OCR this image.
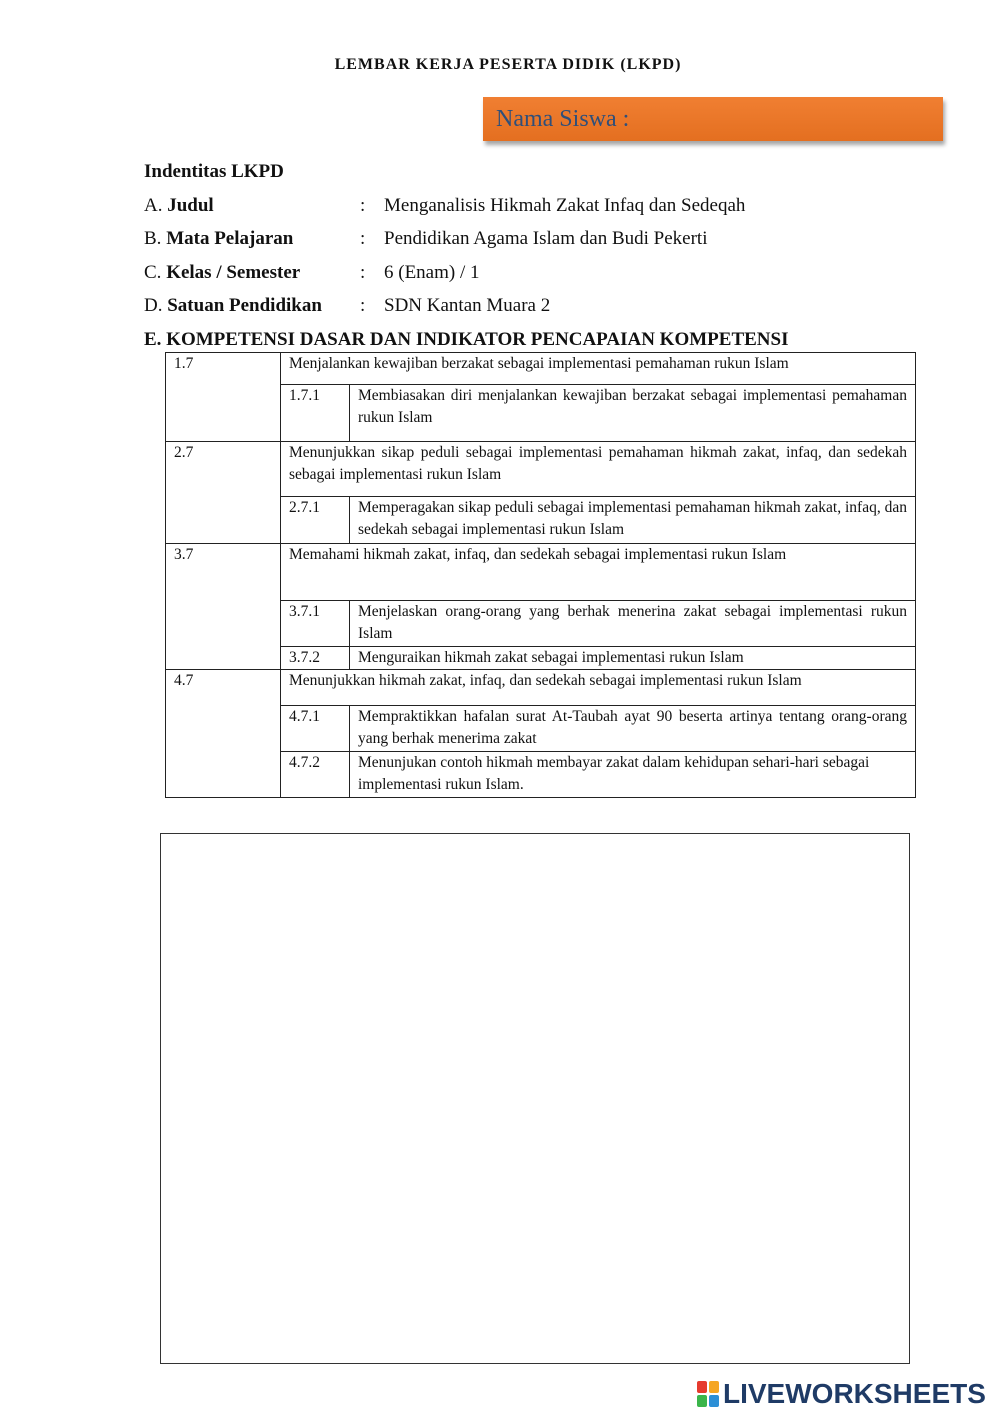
LEMBAR KERJA PESERTA DIDIK (LKPD)
Nama Siswa :
Indentitas LKPD
A. Judul	: Menganalisis Hikmah Zakat Infaq dan Sedeqah
B. Mata Pelajaran	: Pendidikan Agama Islam dan Budi Pekerti
C. Kelas / Semester	: 6 (Enam) / 1
D. Satuan Pendidikan : SDN Kantan Muara 2
E. KOMPETENSI DASAR DAN INDIKATOR PENCAPAIAN KOMPETENSI
1.7	Menjalankan kewajiban berzakat sebagai implementasi pemahaman rukun Islam	
	1.7.1	Membiasakan diri menjalankan kewajiban berzakat sebagai implementasi pemahaman rukun Islam
2.7	Menunjukkan sikap peduli sebagai implementasi pemahaman hikmah zakat, infaq, dan sedekah sebagai implementasi rukun Islam	
	2.7.1	Memperagakan sikap peduli sebagai implementasi pemahaman hikmah zakat, infaq, dan sedekah sebagai implementasi rukun Islam
3.7	Memahami hikmah zakat, infaq, dan sedekah sebagai implementasi rukun Islam	
	3.7.1	Menjelaskan orang-orang yang berhak menerina zakat sebagai implementasi rukun Islam
	3.7.2	Menguraikan hikmah zakat sebagai implementasi rukun Islam
4.7	Menunjukkan hikmah zakat, infaq, dan sedekah sebagai implementasi rukun Islam	
	4.7.1	Mempraktikkan hafalan surat At-Taubah ayat 90 beserta artinya tentang orang-orang yang berhak menerima zakat
	4.7.2	Menunjukan contoh hikmah membayar zakat dalam kehidupan sehari-hari sebagai implementasi rukun Islam.
LIVEWORKSHEETS
